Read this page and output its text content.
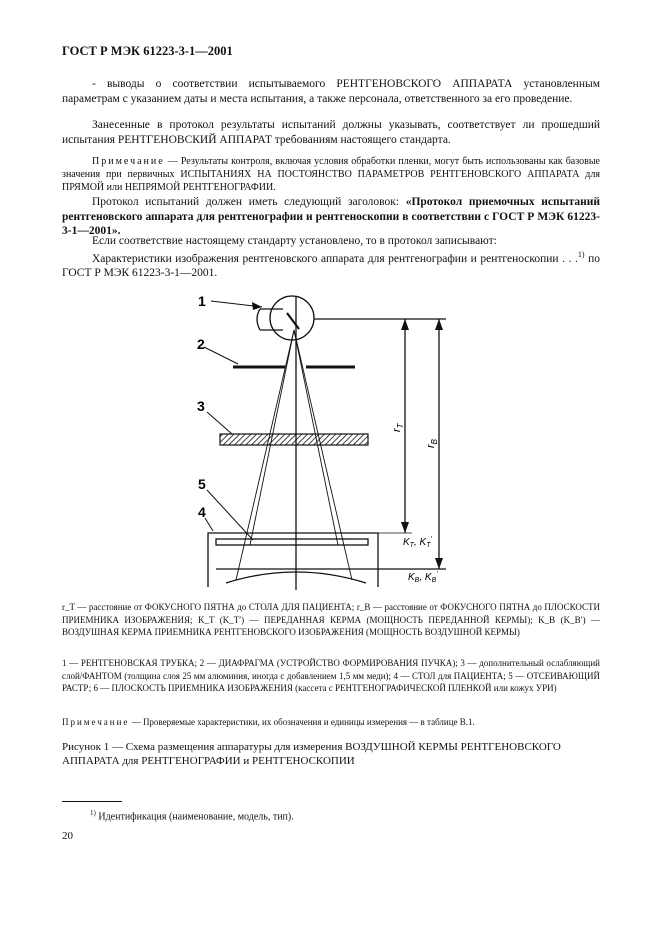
ГОСТ Р МЭК 61223-3-1—2001

- выводы о соответствии испытываемого РЕНТГЕНОВСКОГО АППАРАТА установленным параметрам с указанием даты и места испытания, а также персонала, ответственного за его проведение.

Занесенные в протокол результаты испытаний должны указывать, соответствует ли прошедший испытания РЕНТГЕНОВСКИЙ АППАРАТ требованиям настоящего стандарта.

Примечание — Результаты контроля, включая условия обработки пленки, могут быть использованы как базовые значения при первичных ИСПЫТАНИЯХ НА ПОСТОЯНСТВО ПАРАМЕТРОВ РЕНТГЕНОВСКОГО АППАРАТА для ПРЯМОЙ или НЕПРЯМОЙ РЕНТГЕНОГРАФИИ.

Протокол испытаний должен иметь следующий заголовок: «Протокол приемочных испытаний рентгеновского аппарата для рентгенографии и рентгеноскопии в соответствии с ГОСТ Р МЭК 61223-3-1—2001».

Если соответствие настоящему стандарту установлено, то в протокол записывают:

Характеристики изображения рентгеновского аппарата для рентгенографии и рентгеноскопии . . .$^{1)}$ по ГОСТ Р МЭК 61223-3-1—2001.

1
2
3
5
4
$r_T$
$r_B$
$K_T$, $K_T'$
$K_B$, $K_B'$
r_T — расстояние от ФОКУСНОГО ПЯТНА до СТОЛА ДЛЯ ПАЦИЕНТА; r_B — расстояние от ФОКУСНОГО ПЯТНА до ПЛОСКОСТИ ПРИЕМНИКА ИЗОБРАЖЕНИЯ; K_T (K_T′) — ПЕРЕДАННАЯ КЕРМА (МОЩНОСТЬ ПЕРЕДАННОЙ КЕРМЫ); K_B (K_B′) — ВОЗДУШНАЯ КЕРМА ПРИЕМНИКА РЕНТГЕНОВСКОГО ИЗОБРАЖЕНИЯ (МОЩНОСТЬ ВОЗДУШНОЙ КЕРМЫ)
1 — РЕНТГЕНОВСКАЯ ТРУБКА; 2 — ДИАФРАГМА (УСТРОЙСТВО ФОРМИРОВАНИЯ ПУЧКА); 3 — дополнительный ослабляющий слой/ФАНТОМ (толщина слоя 25 мм алюминия, иногда с добавлением 1,5 мм меди); 4 — СТОЛ для ПАЦИЕНТА; 5 — ОТСЕИВАЮЩИЙ РАСТР; 6 — ПЛОСКОСТЬ ПРИЕМНИКА ИЗОБРАЖЕНИЯ (кассета с РЕНТГЕНОГРАФИЧЕСКОЙ ПЛЕНКОЙ или кожух УРИ)
Примечание — Проверяемые характеристики, их обозначения и единицы измерения — в таблице В.1.
Рисунок 1 — Схема размещения аппаратуры для измерения ВОЗДУШНОЙ КЕРМЫ РЕНТГЕНОВСКОГО АППАРАТА для РЕНТГЕНОГРАФИИ и РЕНТГЕНОСКОПИИ
$^{1)}$ Идентификация (наименование, модель, тип).
20
